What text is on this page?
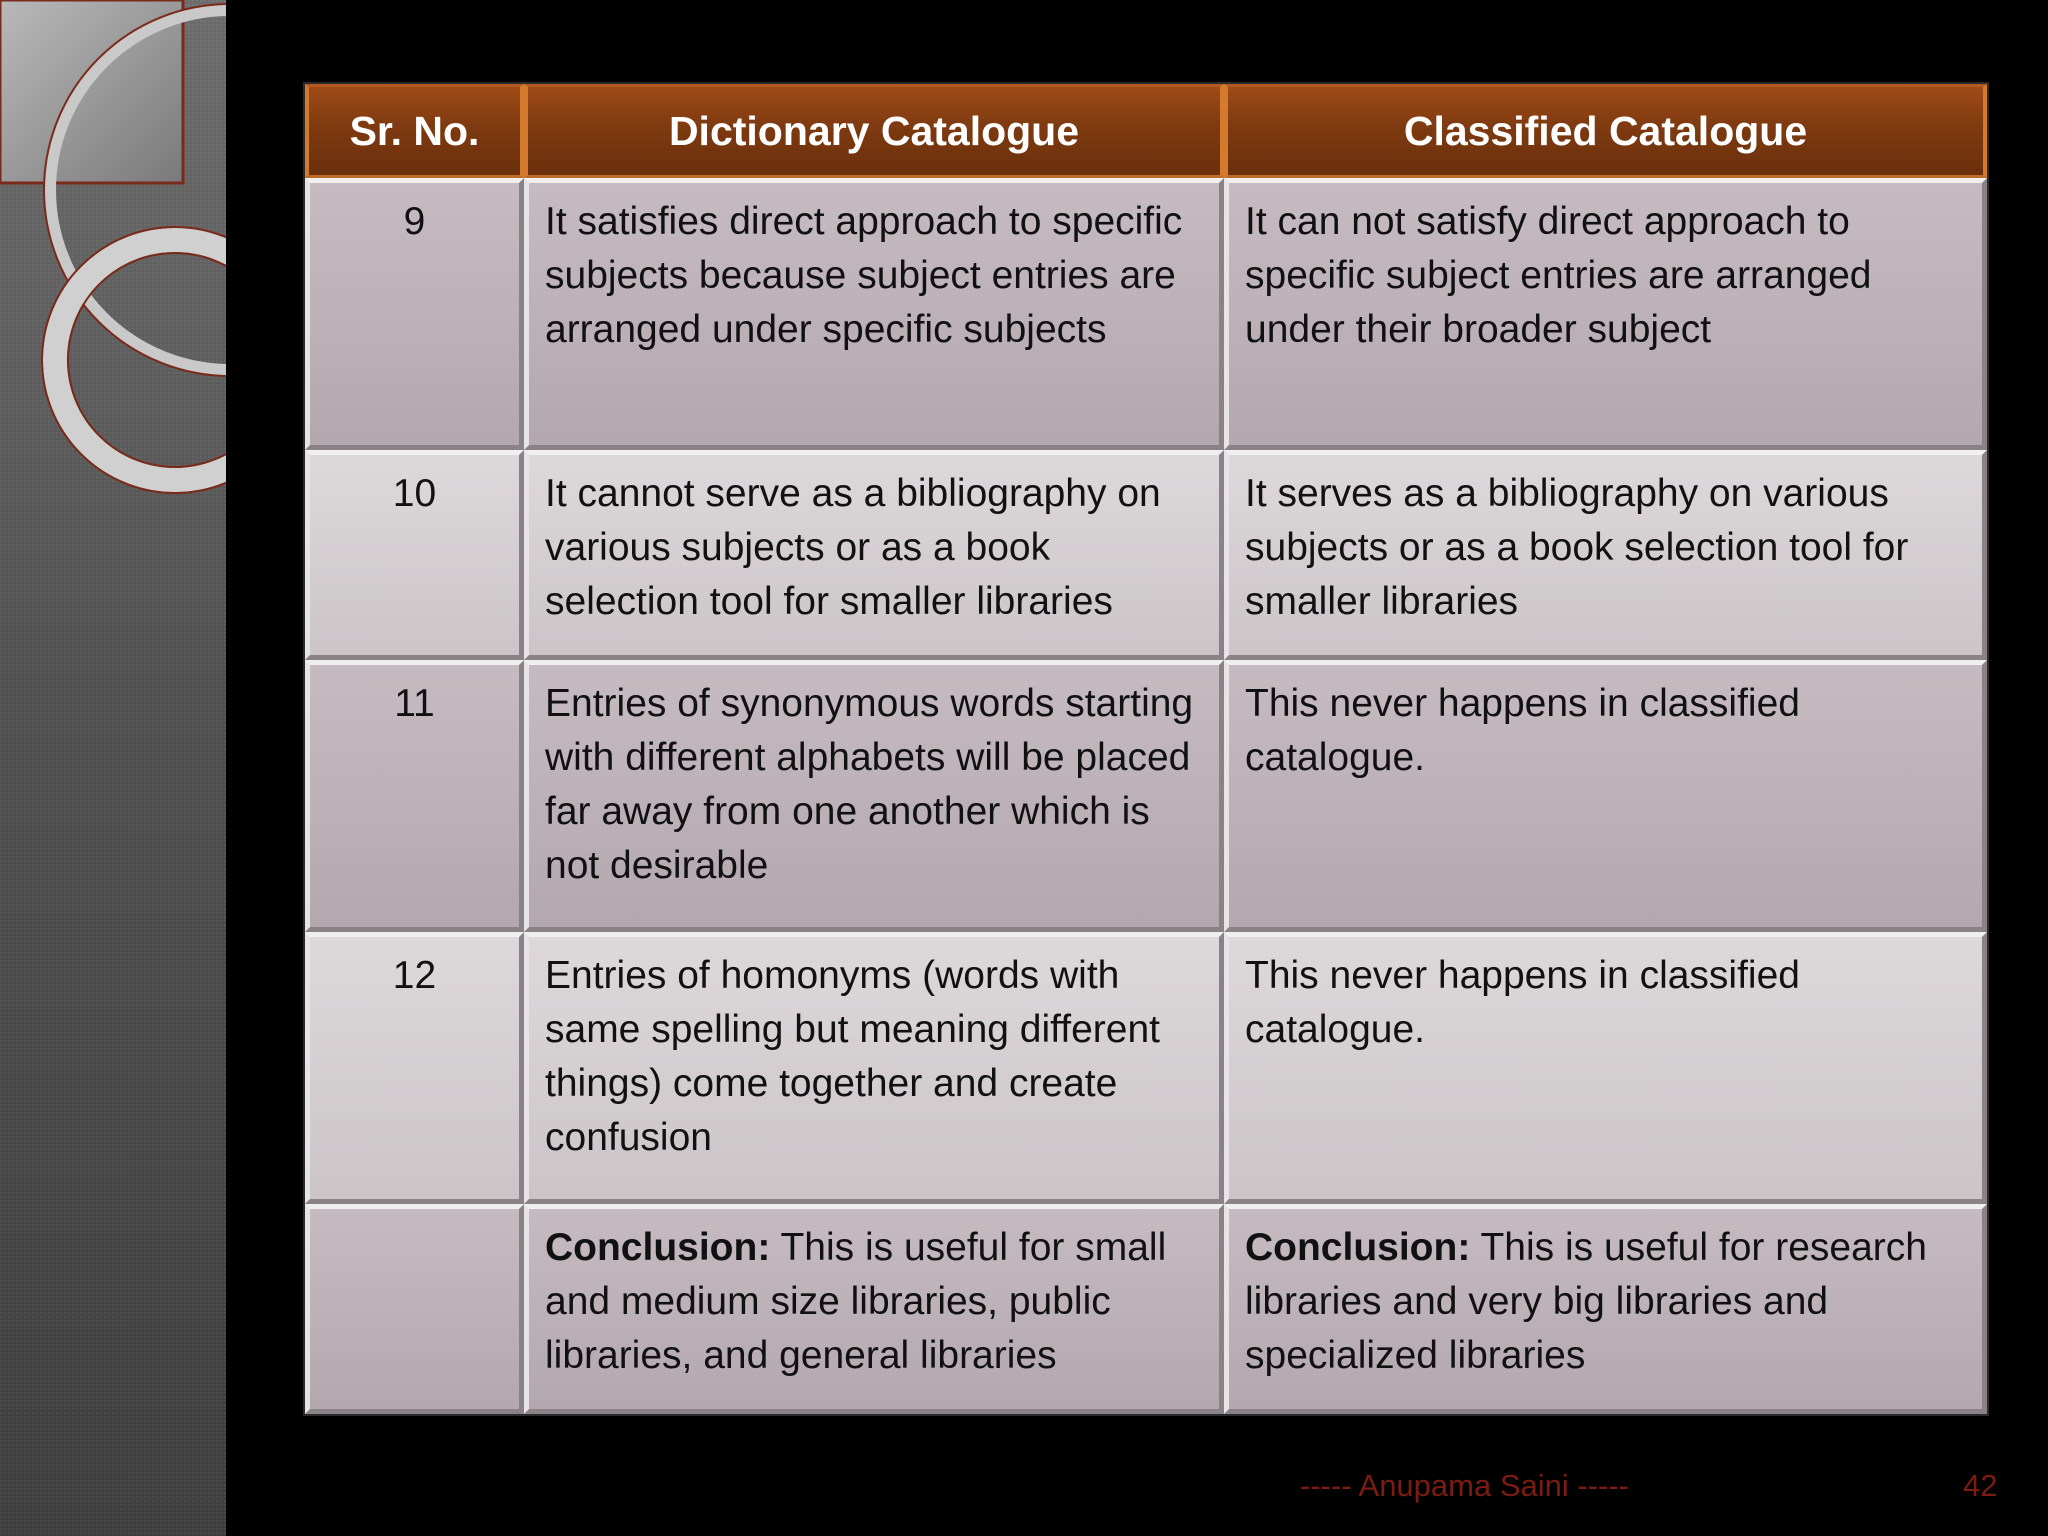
Sr. No.	Dictionary Catalogue	Classified Catalogue
9	It satisfies direct approach to specific subjects because subject entries are arranged under specific subjects	It can not satisfy direct approach to specific subject entries are arranged under their broader subject
10	It cannot serve as a bibliography on various subjects or as a book selection tool for smaller libraries	It serves as a bibliography on various subjects or as a book selection tool for smaller libraries
11	Entries of synonymous words starting with different alphabets will be placed far away from one another which is not desirable	This never happens in classified catalogue.
12	Entries of homonyms (words with same spelling but meaning different things) come together and create confusion	This never happens in classified catalogue.
	Conclusion: This is useful for small and medium size libraries, public libraries, and general libraries	Conclusion: This is useful for research libraries and very big libraries and specialized libraries
----- Anupama Saini -----	42
